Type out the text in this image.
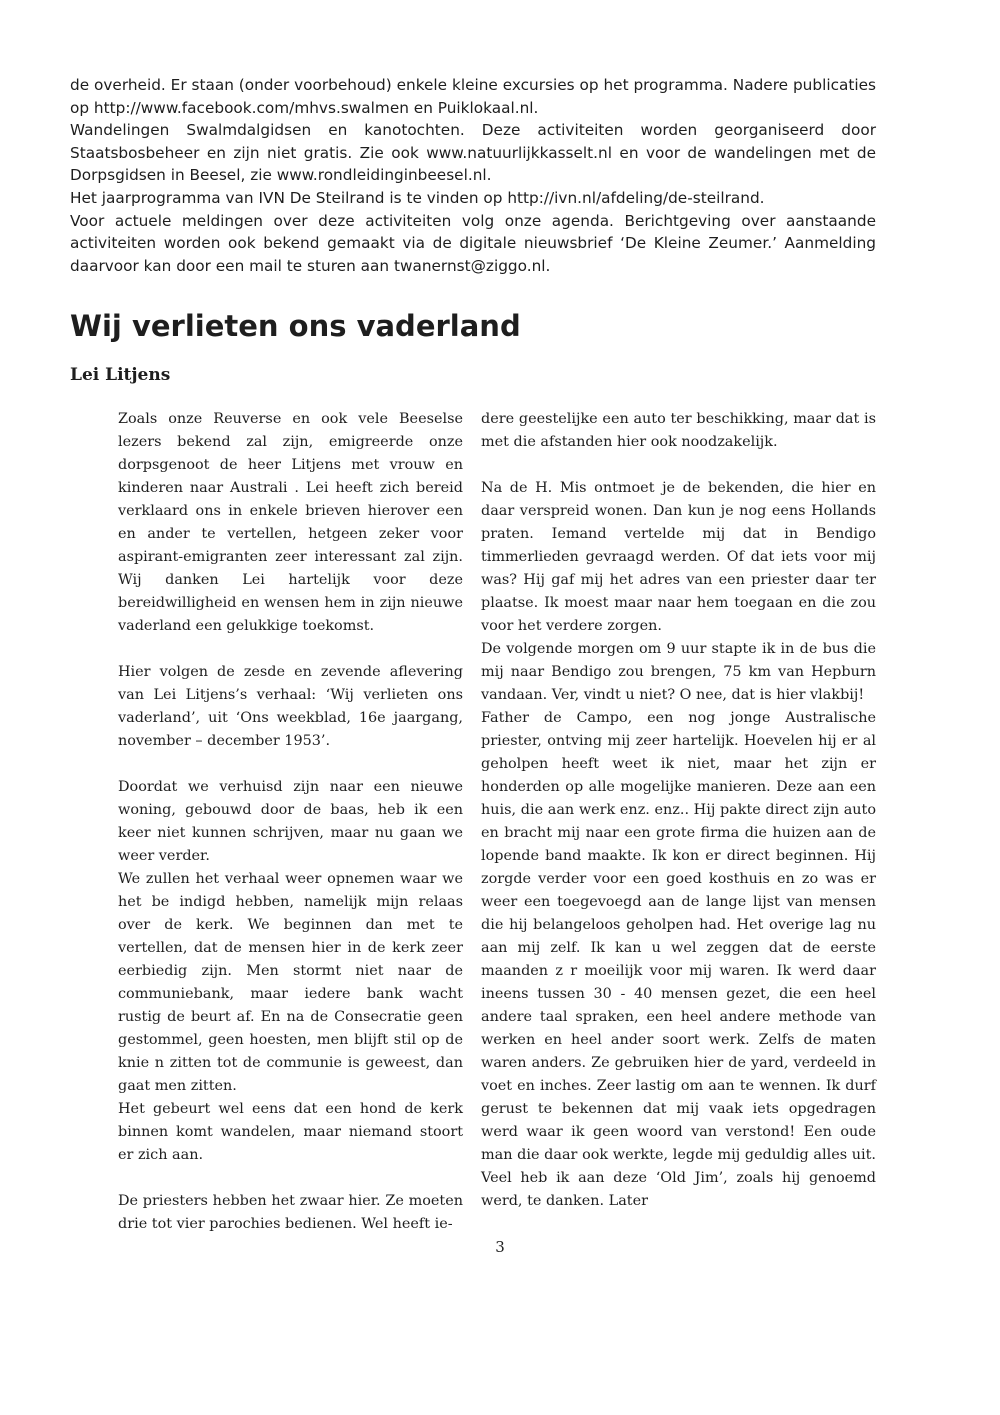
de overheid. Er staan (onder voorbehoud) enkele kleine excursies op het programma. Nadere publicaties op http://www.facebook.com/mhvs.swalmen en Puiklokaal.nl.

Wandelingen Swalmdalgidsen en kanotochten. Deze activiteiten worden georganiseerd door Staatsbosbeheer en zijn niet gratis. Zie ook www.natuurlijkkasselt.nl en voor de wandelingen met de Dorpsgidsen in Beesel, zie www.rondleidinginbeesel.nl.

Het jaarprogramma van IVN De Steilrand is te vinden op http://ivn.nl/afdeling/de-steilrand.

Voor actuele meldingen over deze activiteiten volg onze agenda. Berichtgeving over aanstaande activiteiten worden ook bekend gemaakt via de digitale nieuwsbrief ‘De Kleine Zeumer.’ Aanmelding daarvoor kan door een mail te sturen aan twanernst@ziggo.nl.

Wij verlieten ons vaderland
Lei Litjens

Zoals onze Reuverse en ook vele Beeselse lezers bekend zal zijn, emigreerde onze dorpsgenoot de heer Litjens met vrouw en kinderen naar Australi . Lei heeft zich bereid verklaard ons in enkele brieven hierover een en ander te vertellen, hetgeen zeker voor aspirant-emigranten zeer interessant zal zijn. Wij danken Lei hartelijk voor deze bereidwilligheid en wensen hem in zijn nieuwe vaderland een gelukkige toekomst.

Hier volgen de zesde en zevende aflevering van Lei Litjens’s verhaal: ‘Wij verlieten ons vaderland’, uit ‘Ons weekblad, 16e jaargang, november – december 1953’.

Doordat we verhuisd zijn naar een nieuwe woning, gebouwd door de baas, heb ik een keer niet kunnen schrijven, maar nu gaan we weer verder.

We zullen het verhaal weer opnemen waar we het be indigd hebben, namelijk mijn relaas over de kerk. We beginnen dan met te vertellen, dat de mensen hier in de kerk zeer eerbiedig zijn. Men stormt niet naar de communiebank, maar iedere bank wacht rustig de beurt af. En na de Consecratie geen gestommel, geen hoesten, men blijft stil op de knie n zitten tot de communie is geweest, dan gaat men zitten.

Het gebeurt wel eens dat een hond de kerk binnen komt wandelen, maar niemand stoort er zich aan.

De priesters hebben het zwaar hier. Ze moeten drie tot vier parochies bedienen. Wel heeft ie-

dere geestelijke een auto ter beschikking, maar dat is met die afstanden hier ook noodzakelijk.

Na de H. Mis ontmoet je de bekenden, die hier en daar verspreid wonen. Dan kun je nog eens Hollands praten. Iemand vertelde mij dat in Bendigo timmerlieden gevraagd werden. Of dat iets voor mij was? Hij gaf mij het adres van een priester daar ter plaatse. Ik moest maar naar hem toegaan en die zou voor het verdere zorgen.

De volgende morgen om 9 uur stapte ik in de bus die mij naar Bendigo zou brengen, 75 km van Hepburn vandaan. Ver, vindt u niet? O nee, dat is hier vlakbij!

Father de Campo, een nog jonge Australische priester, ontving mij zeer hartelijk. Hoevelen hij er al geholpen heeft weet ik niet, maar het zijn er honderden op alle mogelijke manieren. Deze aan een huis, die aan werk enz. enz.. Hij pakte direct zijn auto en bracht mij naar een grote firma die huizen aan de lopende band maakte. Ik kon er direct beginnen. Hij zorgde verder voor een goed kosthuis en zo was er weer een toegevoegd aan de lange lijst van mensen die hij belangeloos geholpen had. Het overige lag nu aan mij zelf. Ik kan u wel zeggen dat de eerste maanden z r moeilijk voor mij waren. Ik werd daar ineens tussen 30 - 40 mensen gezet, die een heel andere taal spraken, een heel andere methode van werken en heel ander soort werk. Zelfs de maten waren anders. Ze gebruiken hier de yard, verdeeld in voet en inches. Zeer lastig om aan te wennen. Ik durf gerust te bekennen dat mij vaak iets opgedragen werd waar ik geen woord van verstond! Een oude man die daar ook werkte, legde mij geduldig alles uit. Veel heb ik aan deze ‘Old Jim’, zoals hij genoemd werd, te danken. Later

3
